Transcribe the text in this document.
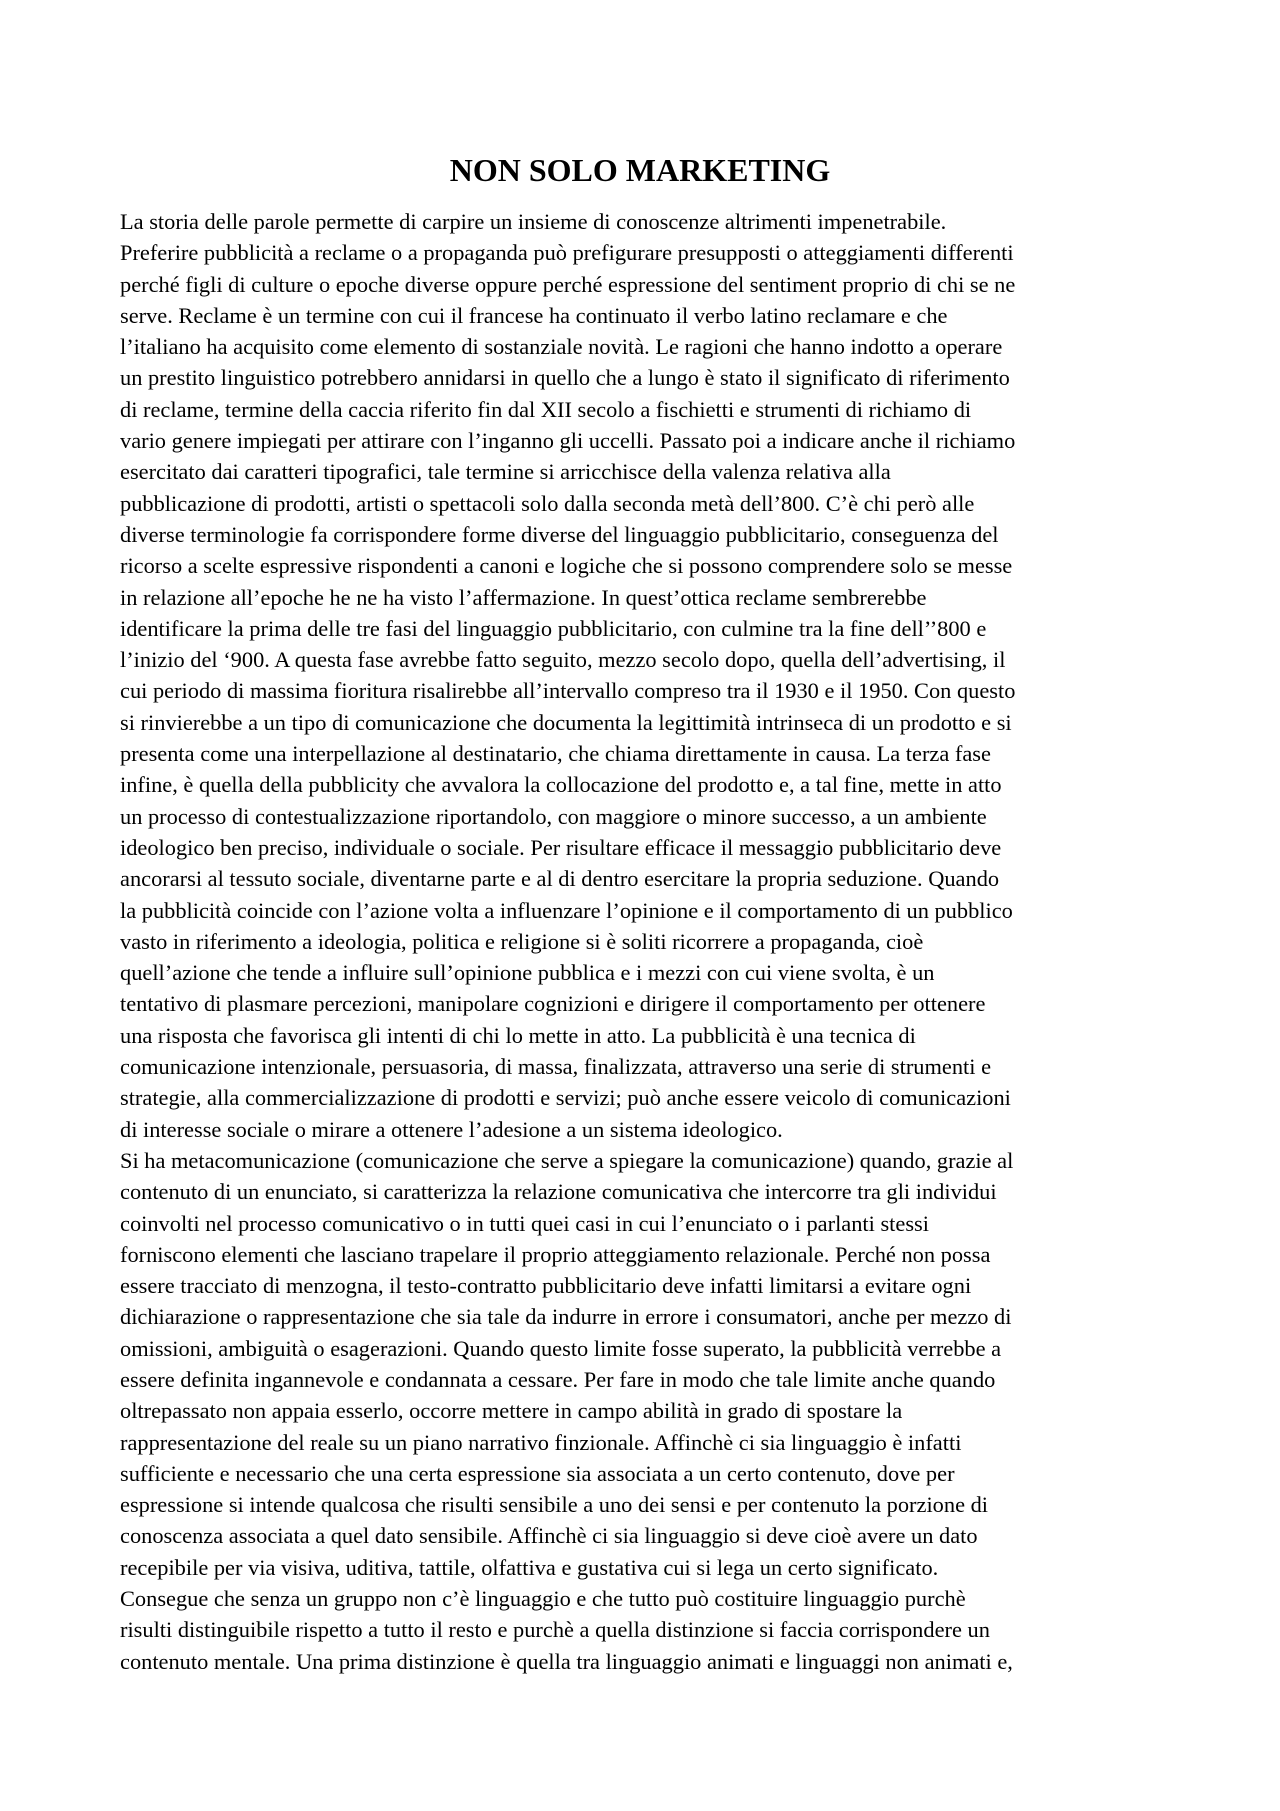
NON SOLO MARKETING
La storia delle parole permette di carpire un insieme di conoscenze altrimenti impenetrabile.
Preferire pubblicità a reclame o a propaganda può prefigurare presupposti o atteggiamenti differenti
perché figli di culture o epoche diverse oppure perché espressione del sentiment proprio di chi se ne
serve. Reclame è un termine con cui il francese ha continuato il verbo latino reclamare e che
l’italiano ha acquisito come elemento di sostanziale novità. Le ragioni che hanno indotto a operare
un prestito linguistico potrebbero annidarsi in quello che a lungo è stato il significato di riferimento
di reclame, termine della caccia riferito fin dal XII secolo a fischietti e strumenti di richiamo di
vario genere impiegati per attirare con l’inganno gli uccelli. Passato poi a indicare anche il richiamo
esercitato dai caratteri tipografici, tale termine si arricchisce della valenza relativa alla
pubblicazione di prodotti, artisti o spettacoli solo dalla seconda metà dell’800. C’è chi però alle
diverse terminologie fa corrispondere forme diverse del linguaggio pubblicitario, conseguenza del
ricorso a scelte espressive rispondenti a canoni e logiche che si possono comprendere solo se messe
in relazione all’epoche he ne ha visto l’affermazione. In quest’ottica reclame sembrerebbe
identificare la prima delle tre fasi del linguaggio pubblicitario, con culmine tra la fine dell’’800 e
l’inizio del ‘900. A questa fase avrebbe fatto seguito, mezzo secolo dopo, quella dell’advertising, il
cui periodo di massima fioritura risalirebbe all’intervallo compreso tra il 1930 e il 1950. Con questo
si rinvierebbe a un tipo di comunicazione che documenta la legittimità intrinseca di un prodotto e si
presenta come una interpellazione al destinatario, che chiama direttamente in causa. La terza fase
infine, è quella della pubblicity che avvalora la collocazione del prodotto e, a tal fine, mette in atto
un processo di contestualizzazione riportandolo, con maggiore o minore successo, a un ambiente
ideologico ben preciso, individuale o sociale. Per risultare efficace il messaggio pubblicitario deve
ancorarsi al tessuto sociale, diventarne parte e al di dentro esercitare la propria seduzione. Quando
la pubblicità coincide con l’azione volta a influenzare l’opinione e il comportamento di un pubblico
vasto in riferimento a ideologia, politica e religione si è soliti ricorrere a propaganda, cioè
quell’azione che tende a influire sull’opinione pubblica e i mezzi con cui viene svolta, è un
tentativo di plasmare percezioni, manipolare cognizioni e dirigere il comportamento per ottenere
una risposta che favorisca gli intenti di chi lo mette in atto. La pubblicità è una tecnica di
comunicazione intenzionale, persuasoria, di massa, finalizzata, attraverso una serie di strumenti e
strategie, alla commercializzazione di prodotti e servizi; può anche essere veicolo di comunicazioni
di interesse sociale o mirare a ottenere l’adesione a un sistema ideologico.
Si ha metacomunicazione (comunicazione che serve a spiegare la comunicazione) quando, grazie al
contenuto di un enunciato, si caratterizza la relazione comunicativa che intercorre tra gli individui
coinvolti nel processo comunicativo o in tutti quei casi in cui l’enunciato o i parlanti stessi
forniscono elementi che lasciano trapelare il proprio atteggiamento relazionale. Perché non possa
essere tracciato di menzogna, il testo-contratto pubblicitario deve infatti limitarsi a evitare ogni
dichiarazione o rappresentazione che sia tale da indurre in errore i consumatori, anche per mezzo di
omissioni, ambiguità o esagerazioni. Quando questo limite fosse superato, la pubblicità verrebbe a
essere definita ingannevole e condannata a cessare. Per fare in modo che tale limite anche quando
oltrepassato non appaia esserlo, occorre mettere in campo abilità in grado di spostare la
rappresentazione del reale su un piano narrativo finzionale. Affinchè ci sia linguaggio è infatti
sufficiente e necessario che una certa espressione sia associata a un certo contenuto, dove per
espressione si intende qualcosa che risulti sensibile a uno dei sensi e per contenuto la porzione di
conoscenza associata a quel dato sensibile. Affinchè ci sia linguaggio si deve cioè avere un dato
recepibile per via visiva, uditiva, tattile, olfattiva e gustativa cui si lega un certo significato.
Consegue che senza un gruppo non c’è linguaggio e che tutto può costituire linguaggio purchè
risulti distinguibile rispetto a tutto il resto e purchè a quella distinzione si faccia corrispondere un
contenuto mentale. Una prima distinzione è quella tra linguaggio animati e linguaggi non animati e,
